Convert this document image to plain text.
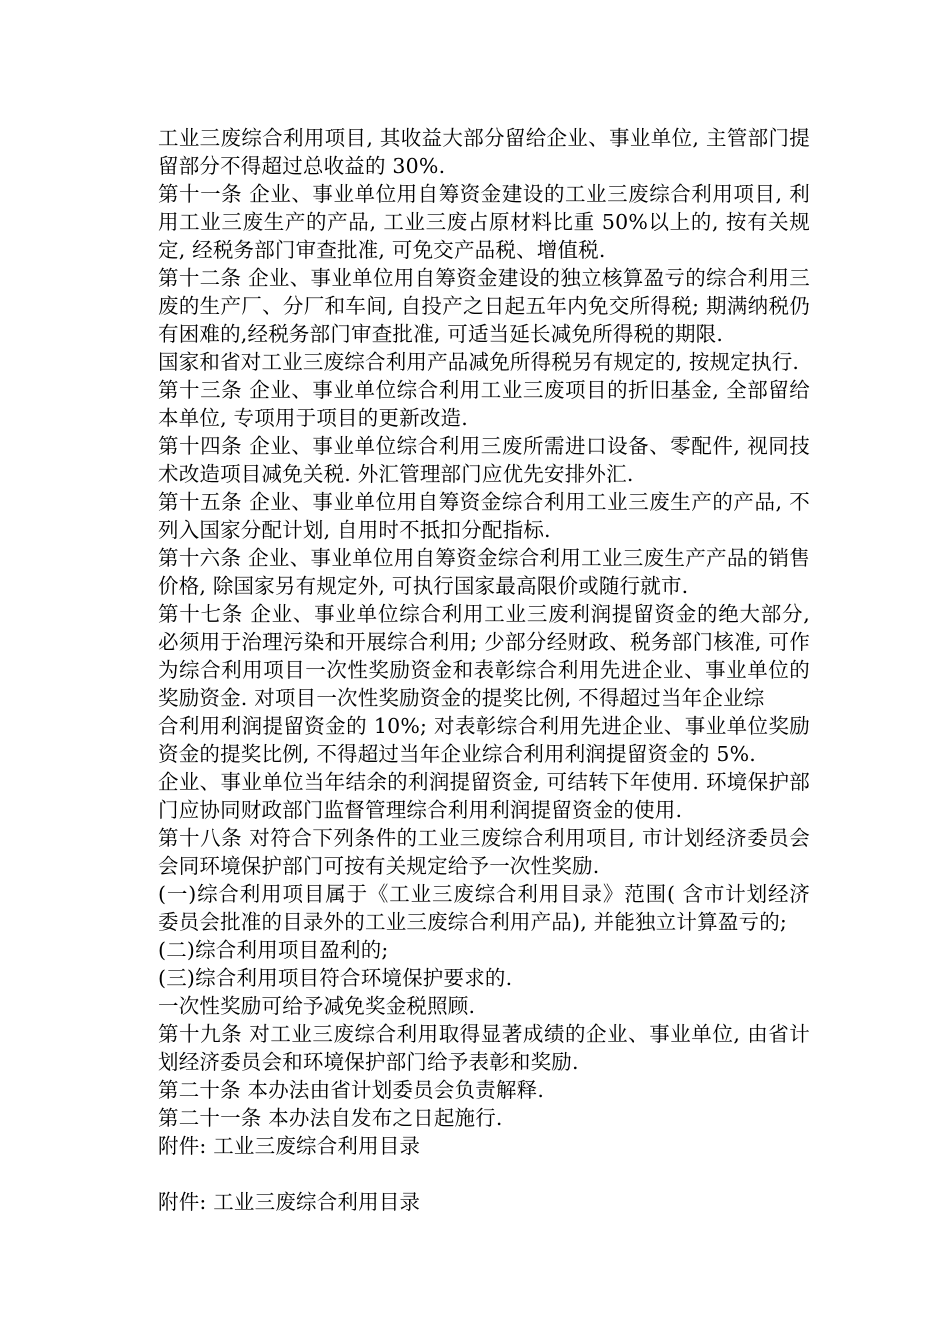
工业三废综合利用项目, 其收益大部分留给企业、事业单位, 主管部门提留部分不得超过总收益的 30%.

第十一条 企业、事业单位用自筹资金建设的工业三废综合利用项目, 利用工业三废生产的产品, 工业三废占原材料比重 50%以上的, 按有关规定, 经税务部门审查批准, 可免交产品税、增值税.

第十二条 企业、事业单位用自筹资金建设的独立核算盈亏的综合利用三废的生产厂、分厂和车间, 自投产之日起五年内免交所得税; 期满纳税仍有困难的,经税务部门审查批准, 可适当延长减免所得税的期限.

国家和省对工业三废综合利用产品减免所得税另有规定的, 按规定执行.

第十三条 企业、事业单位综合利用工业三废项目的折旧基金, 全部留给本单位, 专项用于项目的更新改造.

第十四条 企业、事业单位综合利用三废所需进口设备、零配件, 视同技术改造项目减免关税. 外汇管理部门应优先安排外汇.

第十五条 企业、事业单位用自筹资金综合利用工业三废生产的产品, 不列入国家分配计划, 自用时不抵扣分配指标.

第十六条 企业、事业单位用自筹资金综合利用工业三废生产产品的销售价格, 除国家另有规定外, 可执行国家最高限价或随行就市.

第十七条 企业、事业单位综合利用工业三废利润提留资金的绝大部分, 必须用于治理污染和开展综合利用; 少部分经财政、税务部门核准, 可作为综合利用项目一次性奖励资金和表彰综合利用先进企业、事业单位的奖励资金. 对项目一次性奖励资金的提奖比例, 不得超过当年企业综

合利用利润提留资金的 10%; 对表彰综合利用先进企业、事业单位奖励资金的提奖比例, 不得超过当年企业综合利用利润提留资金的 5%.

企业、事业单位当年结余的利润提留资金, 可结转下年使用. 环境保护部门应协同财政部门监督管理综合利用利润提留资金的使用.

第十八条 对符合下列条件的工业三废综合利用项目, 市计划经济委员会会同环境保护部门可按有关规定给予一次性奖励.

(一)综合利用项目属于《工业三废综合利用目录》范围( 含市计划经济委员会批准的目录外的工业三废综合利用产品), 并能独立计算盈亏的;

(二)综合利用项目盈利的;

(三)综合利用项目符合环境保护要求的.

一次性奖励可给予减免奖金税照顾.

第十九条 对工业三废综合利用取得显著成绩的企业、事业单位, 由省计划经济委员会和环境保护部门给予表彰和奖励.

第二十条 本办法由省计划委员会负责解释.

第二十一条 本办法自发布之日起施行.

附件: 工业三废综合利用目录

附件: 工业三废综合利用目录
